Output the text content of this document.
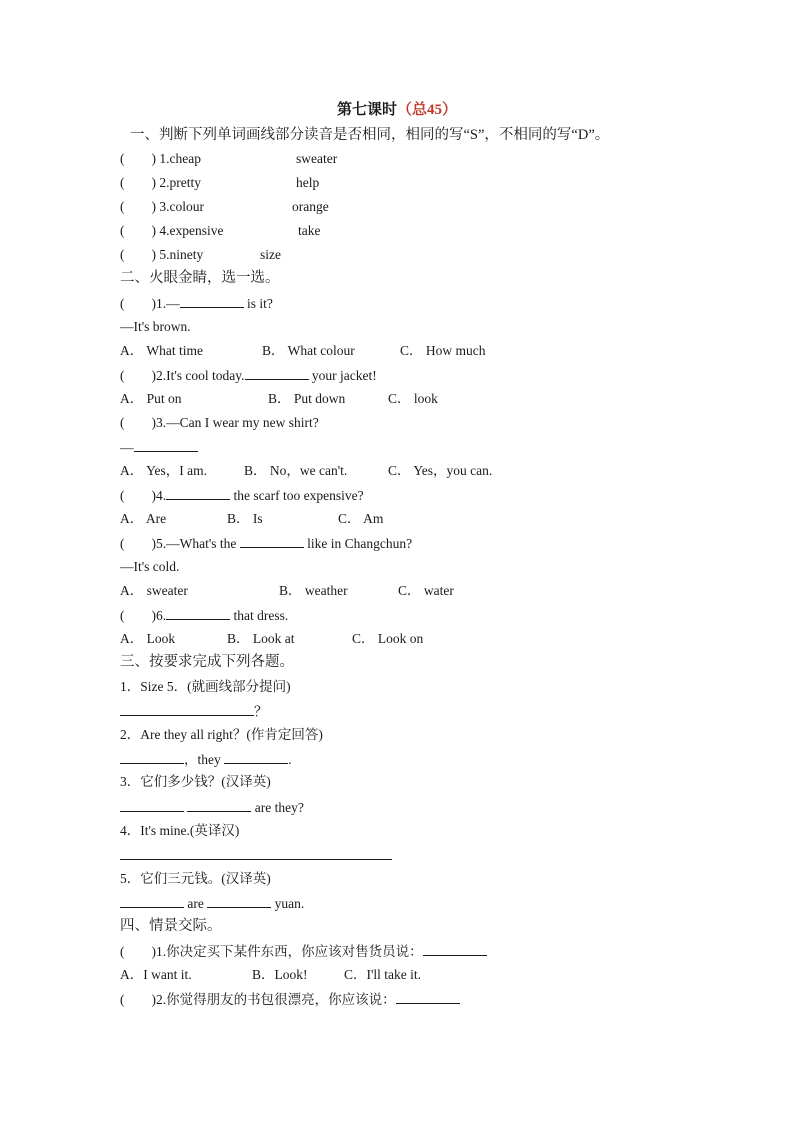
第七课时（总45）
一、判断下列单词画线部分读音是否相同，相同的写“S”，不相同的写“D”。
(        ) 1.cheap	sweater
(        ) 2.pretty	help
(        ) 3.colour	orange
(        ) 4.expensive	take
(        ) 5.ninety	size
二、火眼金睛，选一选。
(        )1.—	is it?
—It's brown.
A． What time	B． What colour	C． How much
(        )2.It's cool today.	your jacket!
A． Put on	B． Put down	C． look
(        )3.—Can I wear my new shirt?
—
A． Yes，I am.	B． No，we can't.	C． Yes，you can.
(        )4.	the scarf too expensive?
A． Are	B． Is	C． Am
(        )5.—What's the	like in Changchun?
—It's cold.
A． sweater	B． weather	C． water
(        )6.	that dress.
A． Look	B． Look at	C． Look on
三、按要求完成下列各题。
1．Size 5．(就画线部分提问)
？
2．Are they all right？(作肯定回答)
，they	.
3．它们多少钱？(汉译英)
are they?
4．It's mine.(英译汉)
5．它们三元钱。(汉译英)
are	yuan.
四、情景交际。
(        )1.你决定买下某件东西，你应该对售货员说：
A．I want it.	B．Look!	C．I'll take it.
(        )2.你觉得朋友的书包很漂亮，你应该说：
